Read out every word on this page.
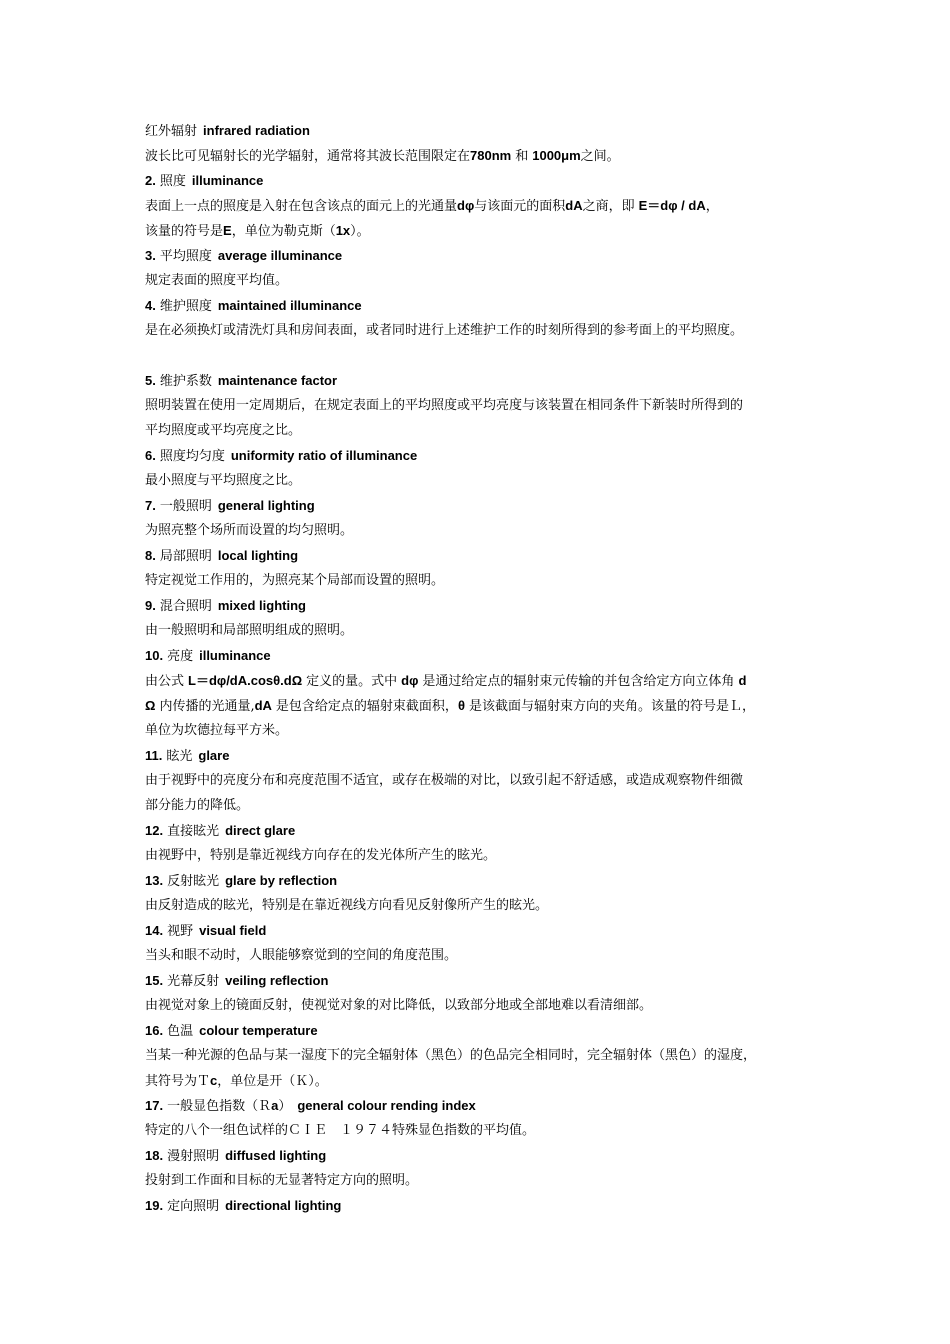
红外辐射 infrared radiation
波长比可见辐射长的光学辐射，通常将其波长范围限定在780nm 和 1000μm之间。
2. 照度 illuminance
表面上一点的照度是入射在包含该点的面元上的光通量dφ与该面元的面积dA之商，即 E＝dφ / dA，
该量的符号是E，单位为勒克斯（1x）。
3. 平均照度 average illuminance
规定表面的照度平均值。
4. 维护照度 maintained illuminance
是在必须换灯或清洗灯具和房间表面，或者同时进行上述维护工作的时刻所得到的参考面上的平均照度。
5. 维护系数 maintenance factor
照明装置在使用一定周期后，在规定表面上的平均照度或平均亮度与该装置在相同条件下新装时所得到的
平均照度或平均亮度之比。
6. 照度均匀度 uniformity ratio of illuminance
最小照度与平均照度之比。
7. 一般照明 general lighting
为照亮整个场所而设置的均匀照明。
8. 局部照明 local lighting
特定视觉工作用的，为照亮某个局部而设置的照明。
9. 混合照明 mixed lighting
由一般照明和局部照明组成的照明。
10. 亮度 illuminance
由公式 L＝dφ/dA.cosθ.dΩ 定义的量。式中 dφ 是通过给定点的辐射束元传输的并包含给定方向立体角 d
Ω 内传播的光通量,dA 是包含给定点的辐射束截面积，θ 是该截面与辐射束方向的夹角。该量的符号是Ｌ，
单位为坎德拉每平方米。
11. 眩光 glare
由于视野中的亮度分布和亮度范围不适宜，或存在极端的对比，以致引起不舒适感，或造成观察物件细微
部分能力的降低。
12. 直接眩光 direct glare
由视野中，特别是靠近视线方向存在的发光体所产生的眩光。
13. 反射眩光 glare by reflection
由反射造成的眩光，特别是在靠近视线方向看见反射像所产生的眩光。
14. 视野 visual field
当头和眼不动时，人眼能够察觉到的空间的角度范围。
15. 光幕反射 veiling reflection
由视觉对象上的镜面反射，使视觉对象的对比降低，以致部分地或全部地难以看清细部。
16. 色温 colour temperature
当某一种光源的色品与某一湿度下的完全辐射体（黑色）的色品完全相同时，完全辐射体（黑色）的湿度，
其符号为Ｔc，单位是开（Ｋ）。
17. 一般显色指数（Ｒa） general colour rending index
特定的八个一组色试样的ＣＩＥ　１９７４特殊显色指数的平均值。
18. 漫射照明 diffused lighting
投射到工作面和目标的无显著特定方向的照明。
19. 定向照明 directional lighting
